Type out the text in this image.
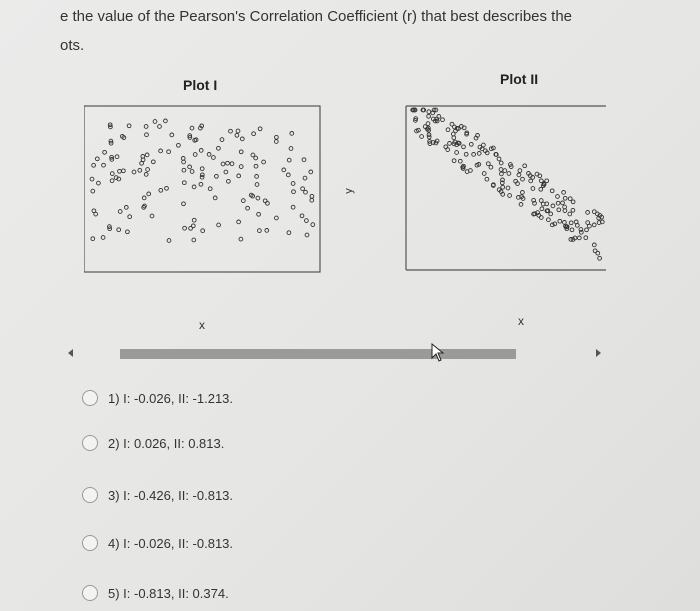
e the value of the Pearson's Correlation Coefficient (r) that best describes the
ots.
Plot I
x
y
Plot II
x
1) I: -0.026, II: -1.213.
2) I: 0.026, II: 0.813.
3) I: -0.426, II: -0.813.
4) I: -0.026, II: -0.813.
5) I: -0.813, II: 0.374.
